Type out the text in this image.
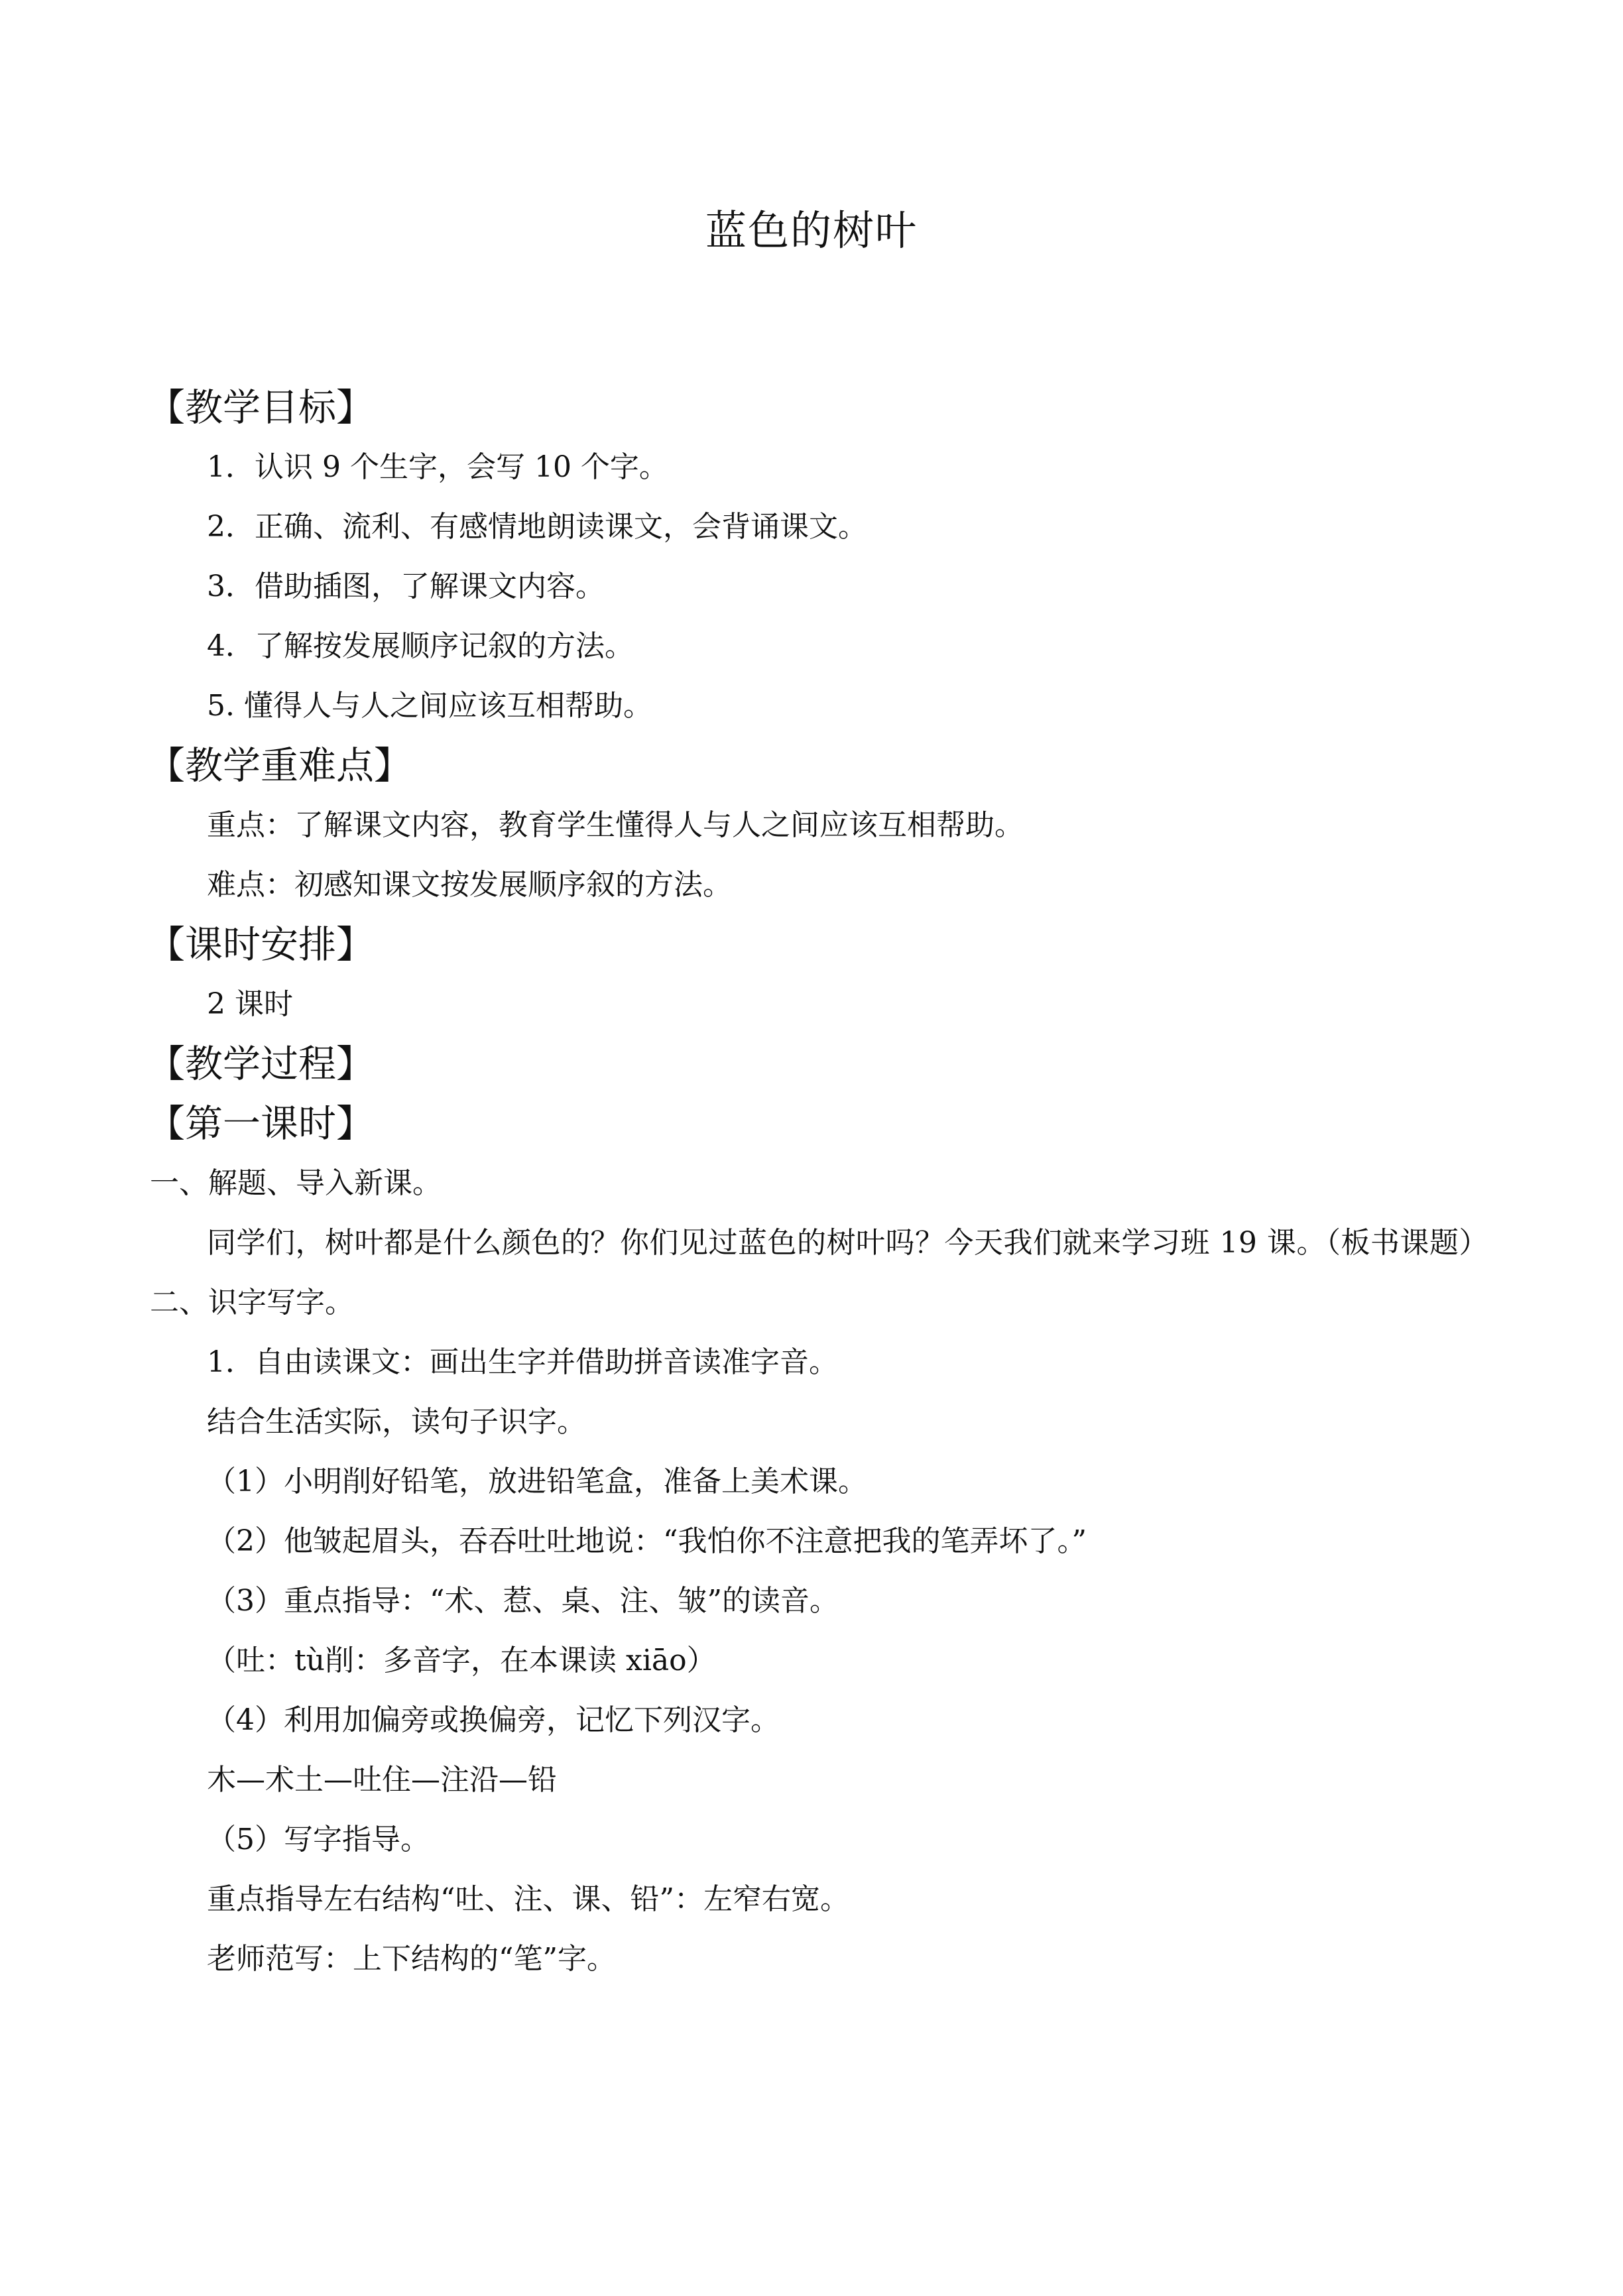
蓝色的树叶
【教学目标】
1．认识 9 个生字，会写 10 个字。
2．正确、流利、有感情地朗读课文，会背诵课文。
3．借助插图，了解课文内容。
4．了解按发展顺序记叙的方法。
5. 懂得人与人之间应该互相帮助。
【教学重难点】
重点：了解课文内容，教育学生懂得人与人之间应该互相帮助。
难点：初感知课文按发展顺序叙的方法。
【课时安排】
2 课时
【教学过程】
【第一课时】
一、解题、导入新课。
同学们，树叶都是什么颜色的？你们见过蓝色的树叶吗？今天我们就来学习班 19 课。（板书课题）
二、识字写字。
1．自由读课文：画出生字并借助拼音读准字音。
结合生活实际，读句子识字。
（1）小明削好铅笔，放进铅笔盒，准备上美术课。
（2）他皱起眉头，吞吞吐吐地说：“我怕你不注意把我的笔弄坏了。”
（3）重点指导：“术、惹、桌、注、皱”的读音。
（吐：tù削：多音字，在本课读 xiāo）
（4）利用加偏旁或换偏旁，记忆下列汉字。
木—术土—吐住—注沿—铅
（5）写字指导。
重点指导左右结构“吐、注、课、铅”：左窄右宽。
老师范写：上下结构的“笔”字。
